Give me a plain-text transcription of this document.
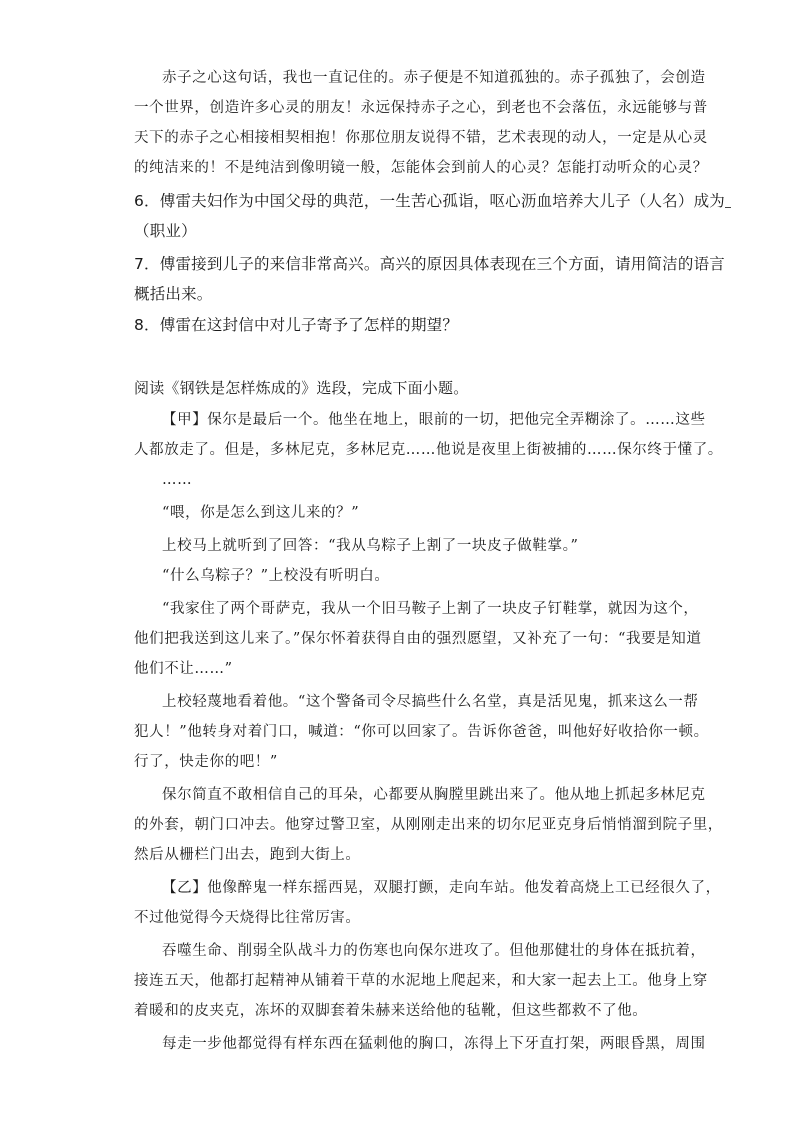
赤子之心这句话，我也一直记住的。赤子便是不知道孤独的。赤子孤独了，会创造
一个世界，创造许多心灵的朋友！永远保持赤子之心，到老也不会落伍，永远能够与普
天下的赤子之心相接相契相抱！你那位朋友说得不错，艺术表现的动人，一定是从心灵
的纯洁来的！不是纯洁到像明镜一般，怎能体会到前人的心灵？怎能打动听众的心灵？
6．傅雷夫妇作为中国父母的典范，一生苦心孤诣，呕心沥血培养大儿子（人名）成为
（职业）
7．傅雷接到儿子的来信非常高兴。高兴的原因具体表现在三个方面，请用简洁的语言
概括出来。
8．傅雷在这封信中对儿子寄予了怎样的期望？
阅读《钢铁是怎样炼成的》选段，完成下面小题。
【甲】保尔是最后一个。他坐在地上，眼前的一切，把他完全弄糊涂了。……这些
人都放走了。但是，多林尼克，多林尼克……他说是夜里上街被捕的……保尔终于懂了。
……
“喂，你是怎么到这儿来的？”
上校马上就听到了回答：“我从乌粽子上割了一块皮子做鞋掌。”
“什么乌粽子？”上校没有听明白。
“我家住了两个哥萨克，我从一个旧马鞍子上割了一块皮子钉鞋掌，就因为这个，
他们把我送到这儿来了。”保尔怀着获得自由的强烈愿望，又补充了一句：“我要是知道
他们不让……”
上校轻蔑地看着他。“这个警备司令尽搞些什么名堂，真是活见鬼，抓来这么一帮
犯人！”他转身对着门口，喊道：“你可以回家了。告诉你爸爸，叫他好好收拾你一顿。
行了，快走你的吧！”
保尔简直不敢相信自己的耳朵，心都要从胸膛里跳出来了。他从地上抓起多林尼克
的外套，朝门口冲去。他穿过警卫室，从刚刚走出来的切尔尼亚克身后悄悄溜到院子里，
然后从栅栏门出去，跑到大街上。
【乙】他像醉鬼一样东摇西晃，双腿打颤，走向车站。他发着高烧上工已经很久了，
不过他觉得今天烧得比往常厉害。
吞噬生命、削弱全队战斗力的伤寒也向保尔进攻了。但他那健壮的身体在抵抗着，
接连五天，他都打起精神从铺着干草的水泥地上爬起来，和大家一起去上工。他身上穿
着暖和的皮夹克，冻坏的双脚套着朱赫来送给他的毡靴，但这些都救不了他。
每走一步他都觉得有样东西在猛刺他的胸口，冻得上下牙直打架，两眼昏黑，周围
